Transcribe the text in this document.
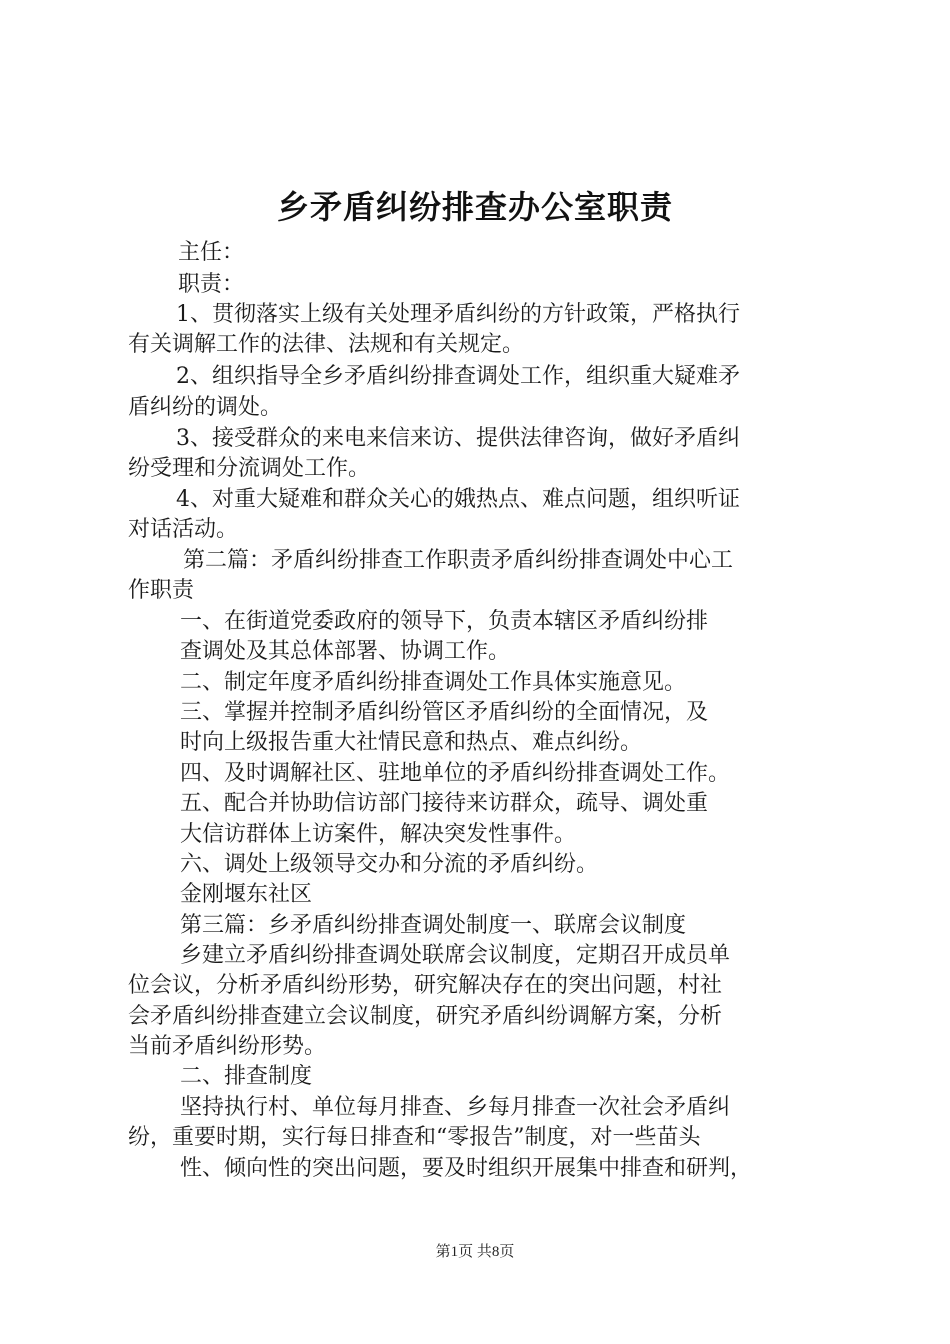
乡矛盾纠纷排查办公室职责
主任：
职责：
1、贯彻落实上级有关处理矛盾纠纷的方针政策，严格执行
有关调解工作的法律、法规和有关规定。
2、组织指导全乡矛盾纠纷排查调处工作，组织重大疑难矛
盾纠纷的调处。
3、接受群众的来电来信来访、提供法律咨询，做好矛盾纠
纷受理和分流调处工作。
4、对重大疑难和群众关心的娥热点、难点问题，组织听证
对话活动。
第二篇：矛盾纠纷排查工作职责矛盾纠纷排查调处中心工
作职责
一、在街道党委政府的领导下，负责本辖区矛盾纠纷排
查调处及其总体部署、协调工作。
二、制定年度矛盾纠纷排查调处工作具体实施意见。
三、掌握并控制矛盾纠纷管区矛盾纠纷的全面情况，及
时向上级报告重大社情民意和热点、难点纠纷。
四、及时调解社区、驻地单位的矛盾纠纷排查调处工作。
五、配合并协助信访部门接待来访群众，疏导、调处重
大信访群体上访案件，解决突发性事件。
六、调处上级领导交办和分流的矛盾纠纷。
金刚堰东社区
第三篇：乡矛盾纠纷排查调处制度一、联席会议制度
乡建立矛盾纠纷排查调处联席会议制度，定期召开成员单
位会议，分析矛盾纠纷形势，研究解决存在的突出问题，村社
会矛盾纠纷排查建立会议制度，研究矛盾纠纷调解方案，分析
当前矛盾纠纷形势。
二、排查制度
坚持执行村、单位每月排查、乡每月排查一次社会矛盾纠
纷，重要时期，实行每日排查和“零报告”制度，对一些苗头
性、倾向性的突出问题，要及时组织开展集中排查和研判，
第1页 共8页
